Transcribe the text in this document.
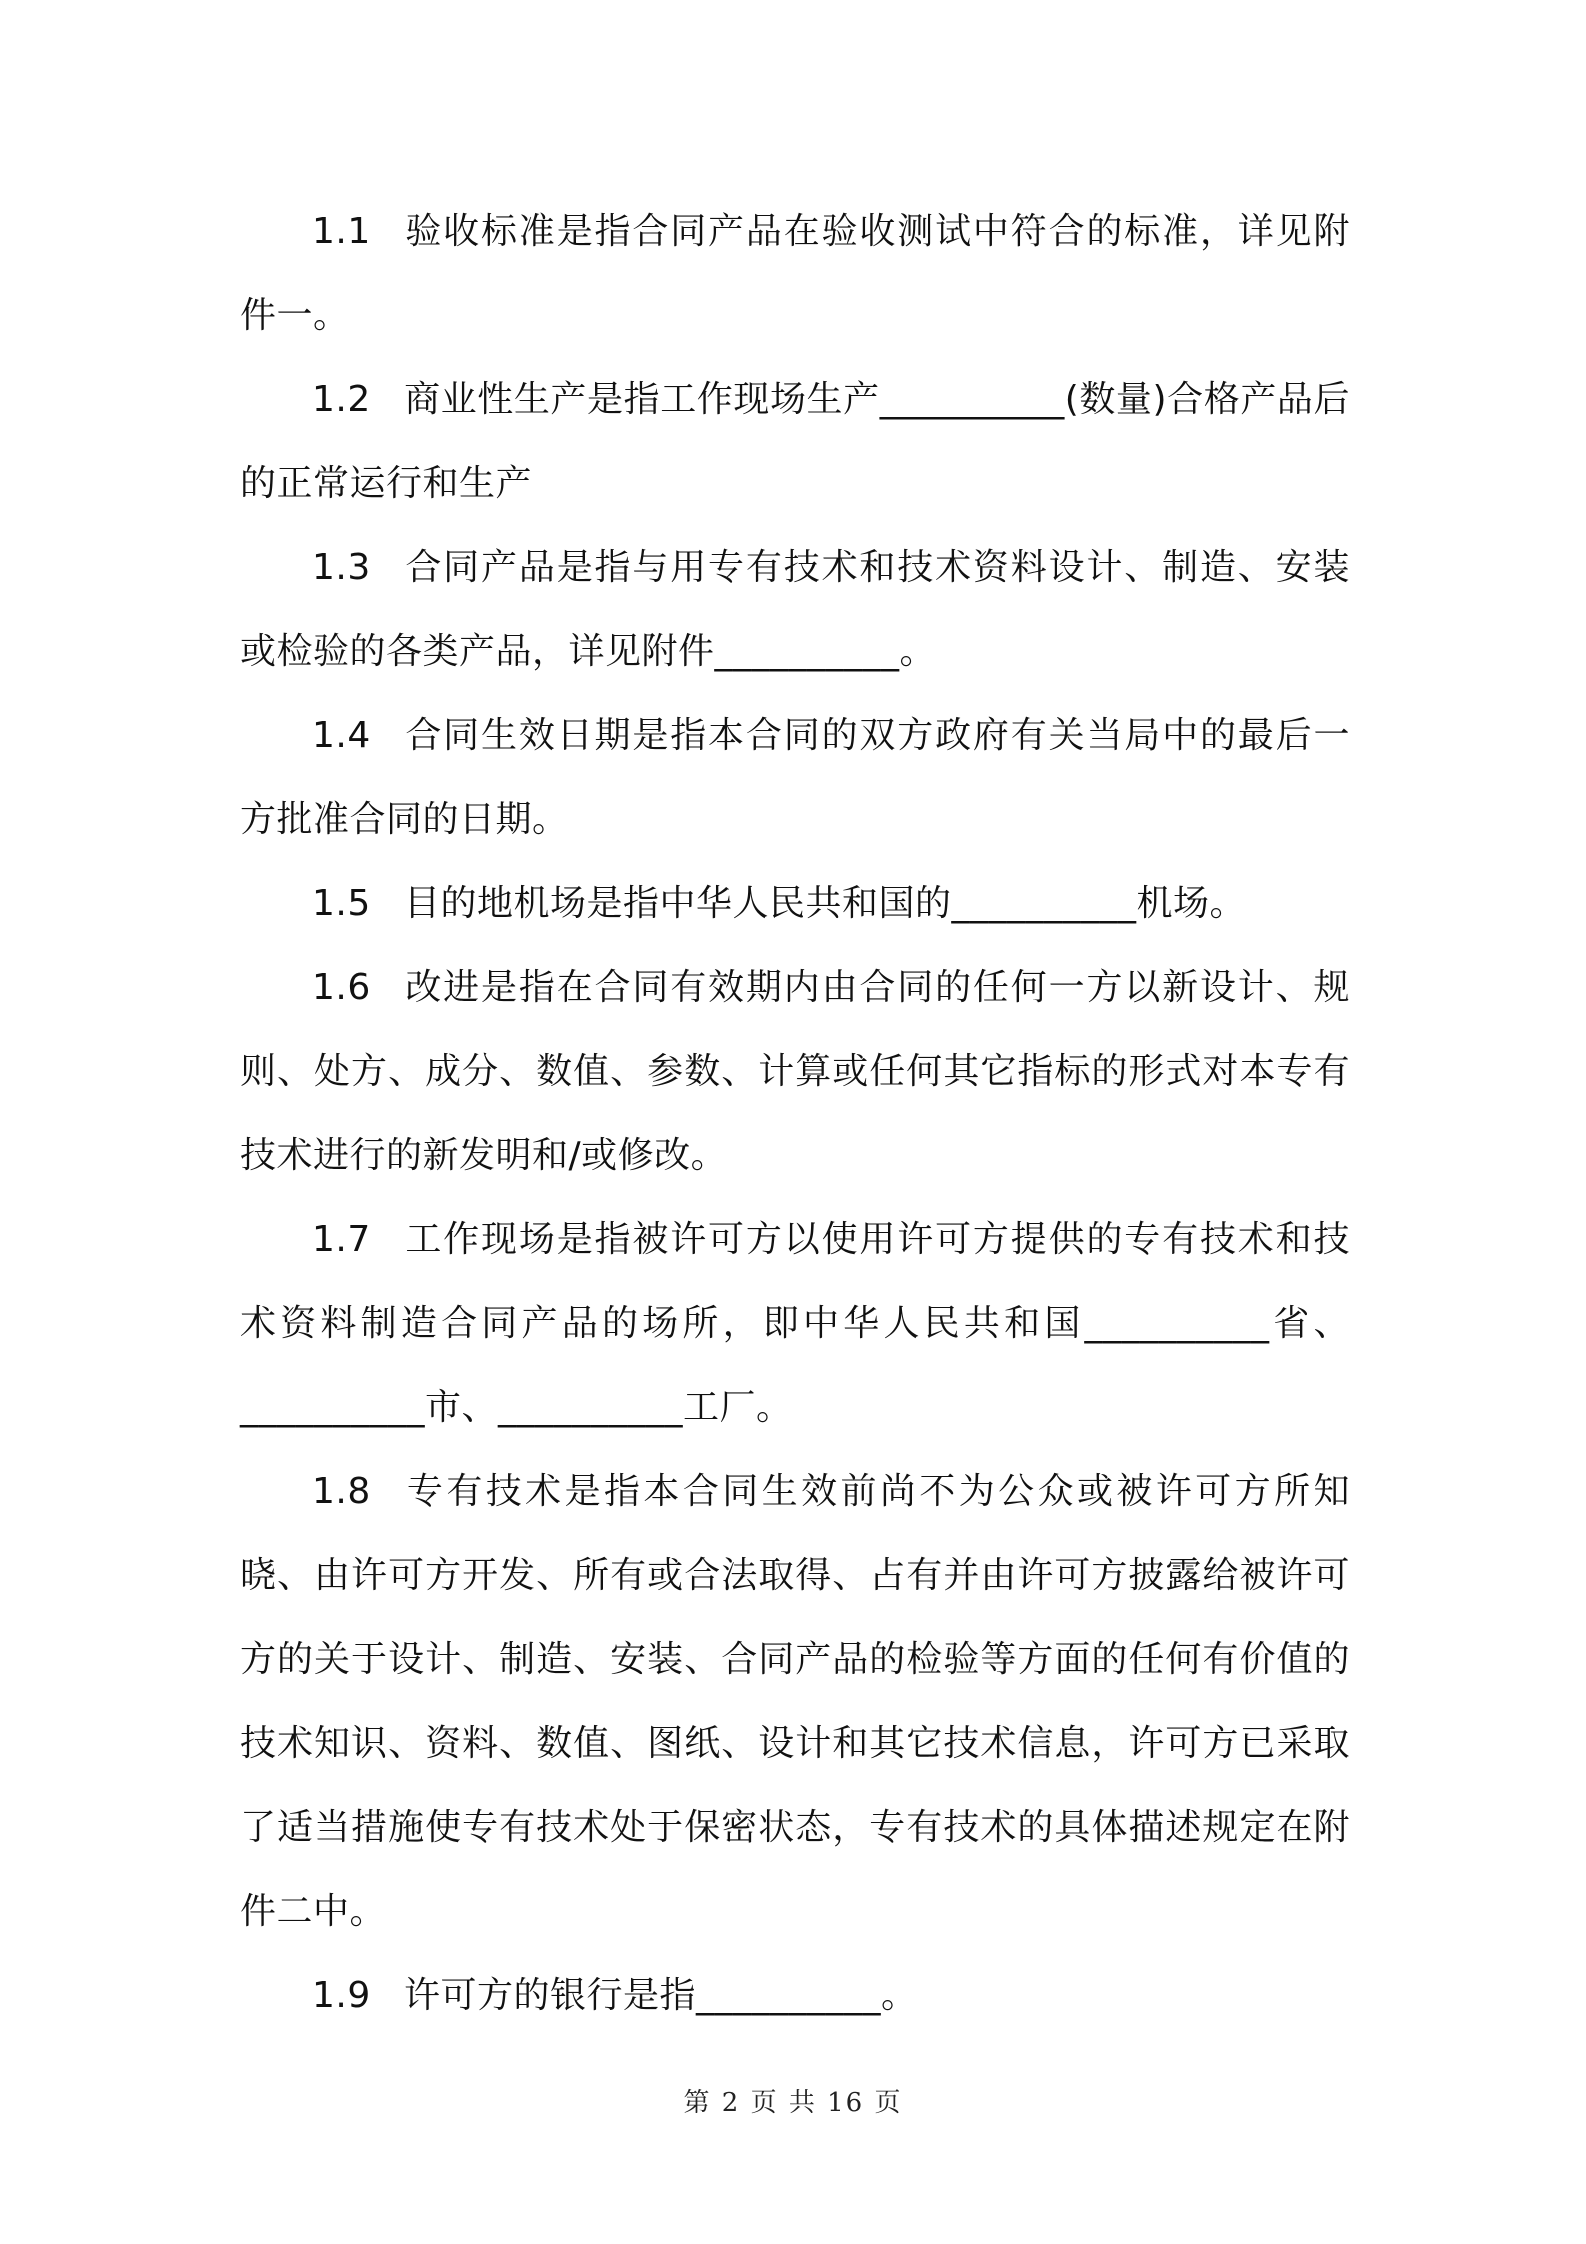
1.1 验收标准是指合同产品在验收测试中符合的标准，详见附件一。

1.2 商业性生产是指工作现场生产__________(数量)合格产品后的正常运行和生产

1.3 合同产品是指与用专有技术和技术资料设计、制造、安装或检验的各类产品，详见附件__________。

1.4 合同生效日期是指本合同的双方政府有关当局中的最后一方批准合同的日期。

1.5 目的地机场是指中华人民共和国的__________机场。

1.6 改进是指在合同有效期内由合同的任何一方以新设计、规则、处方、成分、数值、参数、计算或任何其它指标的形式对本专有技术进行的新发明和/或修改。

1.7 工作现场是指被许可方以使用许可方提供的专有技术和技术资料制造合同产品的场所，即中华人民共和国__________省、__________市、__________工厂。

1.8 专有技术是指本合同生效前尚不为公众或被许可方所知晓、由许可方开发、所有或合法取得、占有并由许可方披露给被许可方的关于设计、制造、安装、合同产品的检验等方面的任何有价值的技术知识、资料、数值、图纸、设计和其它技术信息，许可方已采取了适当措施使专有技术处于保密状态，专有技术的具体描述规定在附件二中。

1.9 许可方的银行是指__________。

第 2 页 共 16 页
